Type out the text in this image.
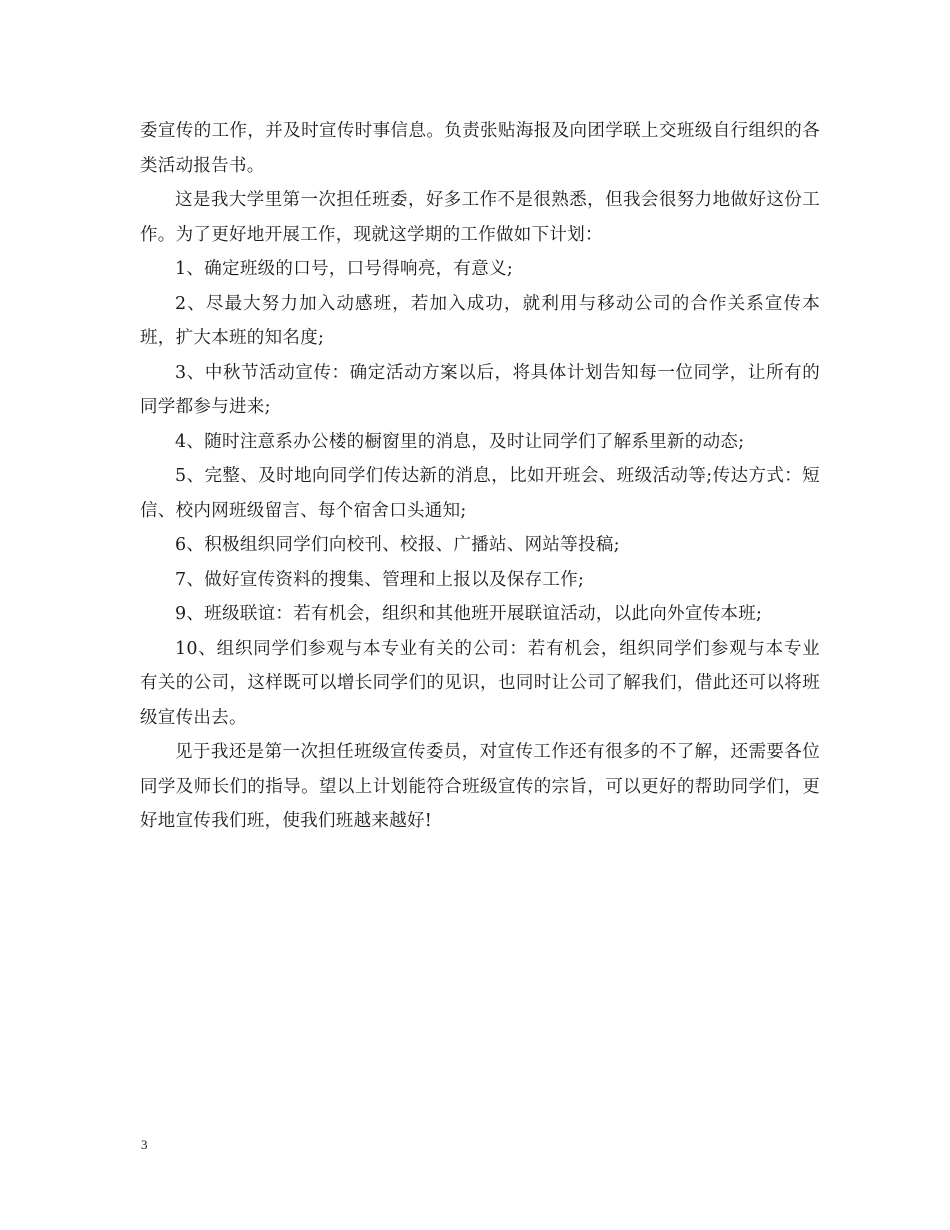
委宣传的工作，并及时宣传时事信息。负责张贴海报及向团学联上交班级自行组织的各类活动报告书。

这是我大学里第一次担任班委，好多工作不是很熟悉，但我会很努力地做好这份工作。为了更好地开展工作，现就这学期的工作做如下计划：

1、确定班级的口号，口号得响亮，有意义;

2、尽最大努力加入动感班，若加入成功，就利用与移动公司的合作关系宣传本班，扩大本班的知名度;

3、中秋节活动宣传：确定活动方案以后，将具体计划告知每一位同学，让所有的同学都参与进来;

4、随时注意系办公楼的橱窗里的消息，及时让同学们了解系里新的动态;

5、完整、及时地向同学们传达新的消息，比如开班会、班级活动等;传达方式：短信、校内网班级留言、每个宿舍口头通知;

6、积极组织同学们向校刊、校报、广播站、网站等投稿;

7、做好宣传资料的搜集、管理和上报以及保存工作;

9、班级联谊：若有机会，组织和其他班开展联谊活动，以此向外宣传本班;

10、组织同学们参观与本专业有关的公司：若有机会，组织同学们参观与本专业有关的公司，这样既可以增长同学们的见识，也同时让公司了解我们，借此还可以将班级宣传出去。

见于我还是第一次担任班级宣传委员，对宣传工作还有很多的不了解，还需要各位同学及师长们的指导。望以上计划能符合班级宣传的宗旨，可以更好的帮助同学们，更好地宣传我们班，使我们班越来越好!

3
